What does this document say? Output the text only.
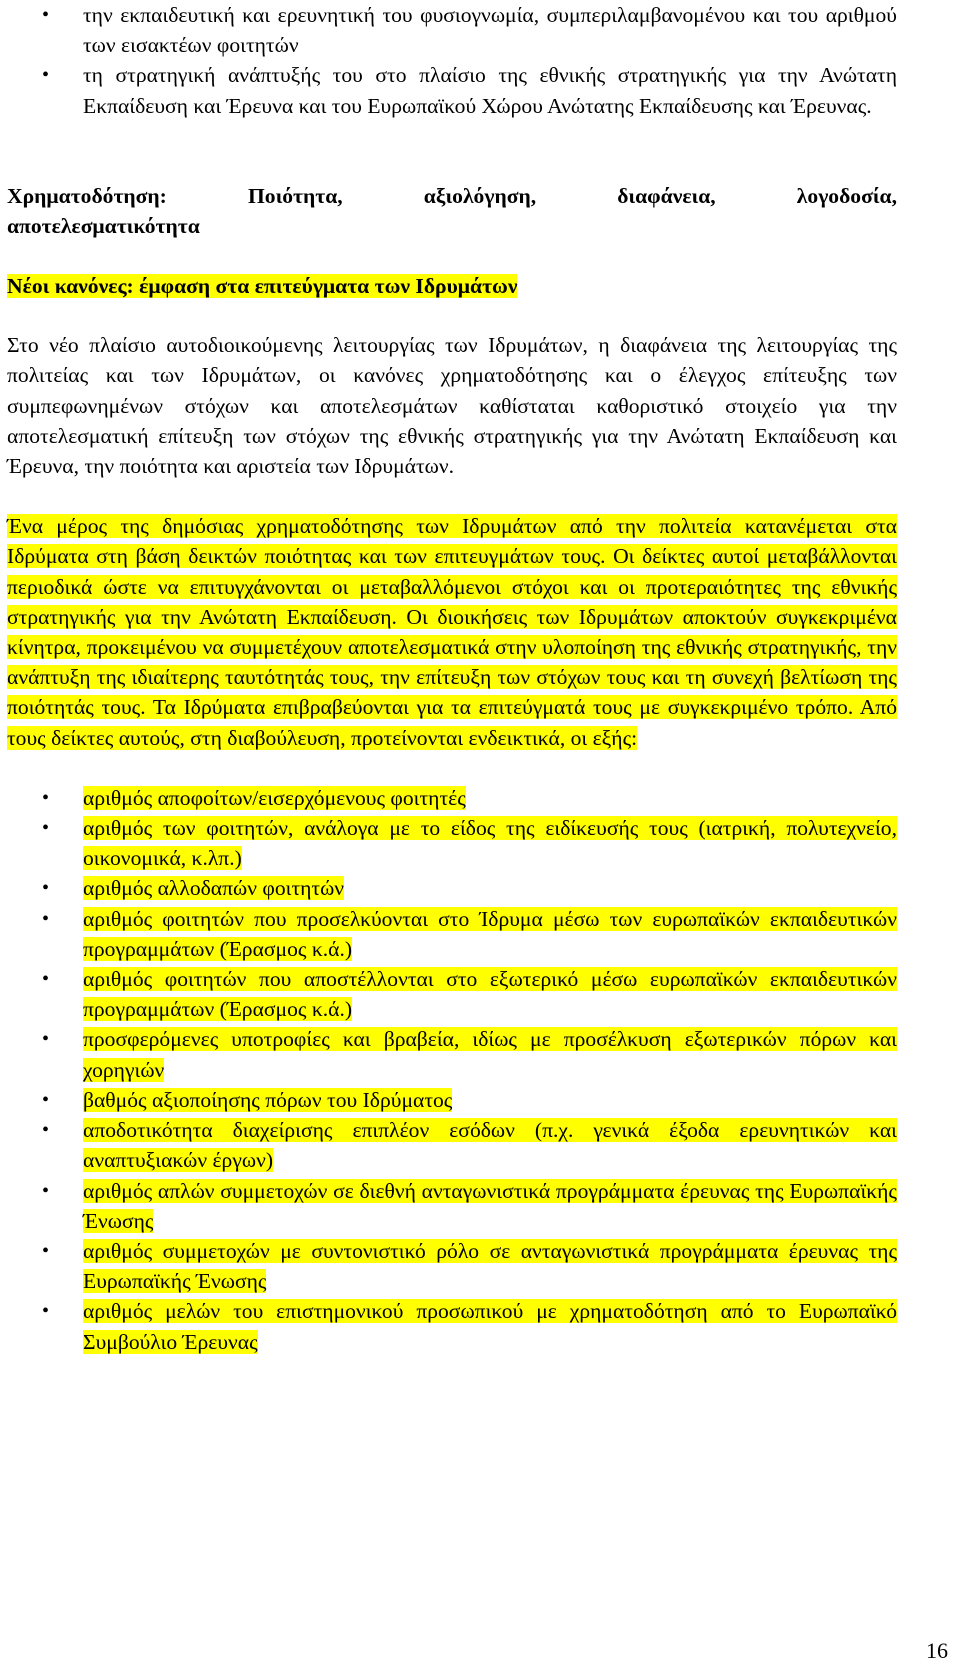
• την εκπαιδευτική και ερευνητική του φυσιογνωμία, συμπεριλαμβανομένου και του αριθμού των εισακτέων φοιτητών
• τη στρατηγική ανάπτυξής του στο πλαίσιο της εθνικής στρατηγικής για την Ανώτατη Εκπαίδευση και Έρευνα και του Ευρωπαϊκού Χώρου Ανώτατης Εκπαίδευσης και Έρευνας.

Χρηματοδότηση: Ποιότητα, αξιολόγηση, διαφάνεια, λογοδοσία,

αποτελεσματικότητα

Νέοι κανόνες: έμφαση στα επιτεύγματα των Ιδρυμάτων

Στο νέο πλαίσιο αυτοδιοικούμενης λειτουργίας των Ιδρυμάτων, η διαφάνεια της λειτουργίας της πολιτείας και των Ιδρυμάτων, οι κανόνες χρηματοδότησης και ο έλεγχος επίτευξης των συμπεφωνημένων στόχων και αποτελεσμάτων καθίσταται καθοριστικό στοιχείο για την αποτελεσματική επίτευξη των στόχων της εθνικής στρατηγικής για την Ανώτατη Εκπαίδευση και Έρευνα, την ποιότητα και αριστεία των Ιδρυμάτων.

Ένα μέρος της δημόσιας χρηματοδότησης των Ιδρυμάτων από την πολιτεία κατανέμεται στα Ιδρύματα στη βάση δεικτών ποιότητας και των επιτευγμάτων τους. Οι δείκτες αυτοί μεταβάλλονται περιοδικά ώστε να επιτυγχάνονται οι μεταβαλλόμενοι στόχοι και οι προτεραιότητες της εθνικής στρατηγικής για την Ανώτατη Εκπαίδευση. Οι διοικήσεις των Ιδρυμάτων αποκτούν συγκεκριμένα κίνητρα, προκειμένου να συμμετέχουν αποτελεσματικά στην υλοποίηση της εθνικής στρατηγικής, την ανάπτυξη της ιδιαίτερης ταυτότητάς τους, την επίτευξη των στόχων τους και τη συνεχή βελτίωση της ποιότητάς τους. Τα Ιδρύματα επιβραβεύονται για τα επιτεύγματά τους με συγκεκριμένο τρόπο. Από τους δείκτες αυτούς, στη διαβούλευση, προτείνονται ενδεικτικά, οι εξής:

• αριθμός αποφοίτων/εισερχόμενους φοιτητές
• αριθμός των φοιτητών, ανάλογα με το είδος της ειδίκευσής τους (ιατρική, πολυτεχνείο, οικονομικά, κ.λπ.)
• αριθμός αλλοδαπών φοιτητών
• αριθμός φοιτητών που προσελκύονται στο Ίδρυμα μέσω των ευρωπαϊκών εκπαιδευτικών προγραμμάτων (Έρασμος κ.ά.)
• αριθμός φοιτητών που αποστέλλονται στο εξωτερικό μέσω ευρωπαϊκών εκπαιδευτικών προγραμμάτων (Έρασμος κ.ά.)
• προσφερόμενες υποτροφίες και βραβεία, ιδίως με προσέλκυση εξωτερικών πόρων και χορηγιών
• βαθμός αξιοποίησης πόρων του Ιδρύματος
• αποδοτικότητα διαχείρισης επιπλέον εσόδων (π.χ. γενικά έξοδα ερευνητικών και αναπτυξιακών έργων)
• αριθμός απλών συμμετοχών σε διεθνή ανταγωνιστικά προγράμματα έρευνας της Ευρωπαϊκής Ένωσης
• αριθμός συμμετοχών με συντονιστικό ρόλο σε ανταγωνιστικά προγράμματα έρευνας της Ευρωπαϊκής Ένωσης
• αριθμός μελών του επιστημονικού προσωπικού με χρηματοδότηση από το Ευρωπαϊκό Συμβούλιο Έρευνας
16
